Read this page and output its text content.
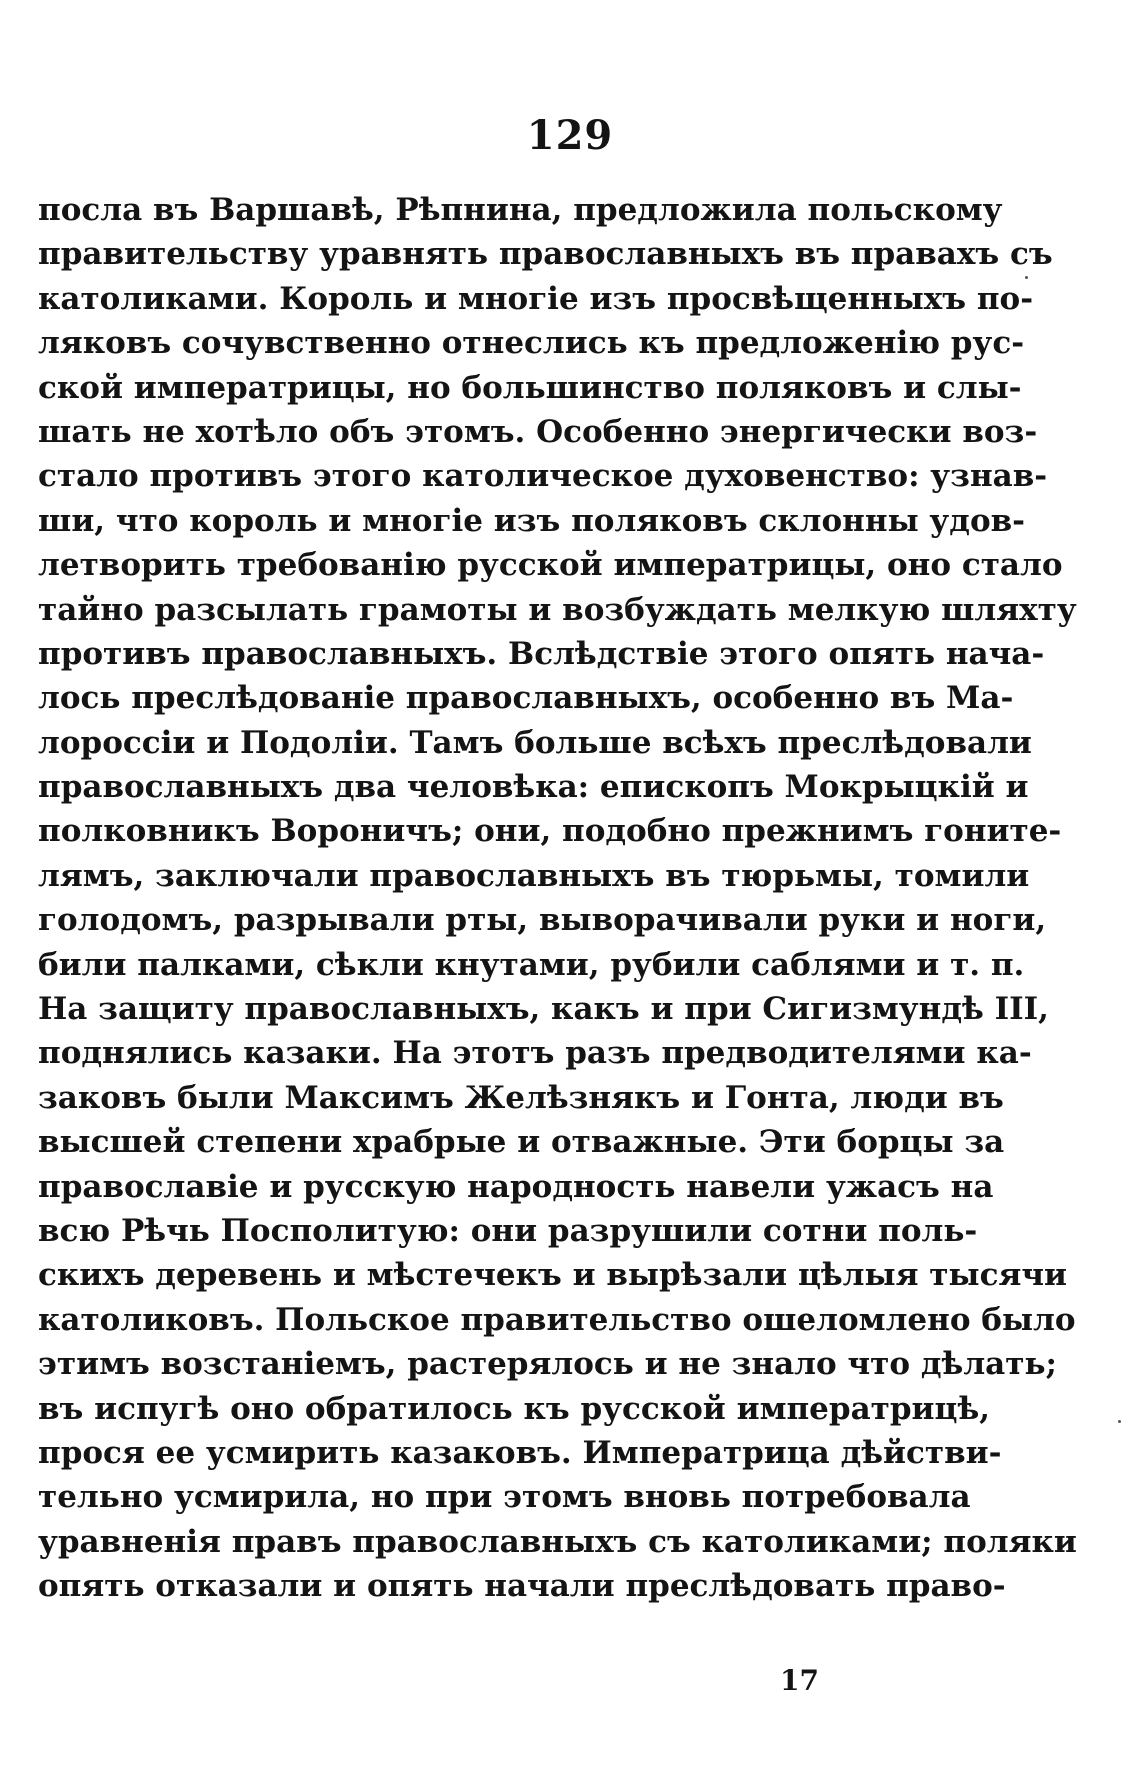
129
посла въ Варшавѣ, Рѣпнина, предложила польскому
правительству уравнять православныхъ въ правахъ съ
католиками. Король и многіе изъ просвѣщенныхъ по-
ляковъ сочувственно отнеслись къ предложенію рус-
ской императрицы, но большинство поляковъ и слы-
шать не хотѣло объ этомъ. Особенно энергически воз-
стало противъ этого католическое духовенство: узнав-
ши, что король и многіе изъ поляковъ склонны удов-
летворить требованію русской императрицы, оно стало
тайно разсылать грамоты и возбуждать мелкую шляхту
противъ православныхъ. Вслѣдствіе этого опять нача-
лось преслѣдованіе православныхъ, особенно въ Ма-
лороссіи и Подоліи. Тамъ больше всѣхъ преслѣдовали
православныхъ два человѣка: епископъ Мокрыцкій и
полковникъ Вороничъ; они, подобно прежнимъ гоните-
лямъ, заключали православныхъ въ тюрьмы, томили
голодомъ, разрывали рты, выворачивали руки и ноги,
били палками, сѣкли кнутами, рубили саблями и т. п.
На защиту православныхъ, какъ и при Сигизмундѣ III,
поднялись казаки. На этотъ разъ предводителями ка-
заковъ были Максимъ Желѣзнякъ и Гонта, люди въ
высшей степени храбрые и отважные. Эти борцы за
православіе и русскую народность навели ужасъ на
всю Рѣчь Посполитую: они разрушили сотни поль-
скихъ деревень и мѣстечекъ и вырѣзали цѣлыя тысячи
католиковъ. Польское правительство ошеломлено было
этимъ возстаніемъ, растерялось и не знало что дѣлать;
въ испугѣ оно обратилось къ русской императрицѣ,
прося ее усмирить казаковъ. Императрица дѣйстви-
тельно усмирила, но при этомъ вновь потребовала
уравненія правъ православныхъ съ католиками; поляки
опять отказали и опять начали преслѣдовать право-
17
